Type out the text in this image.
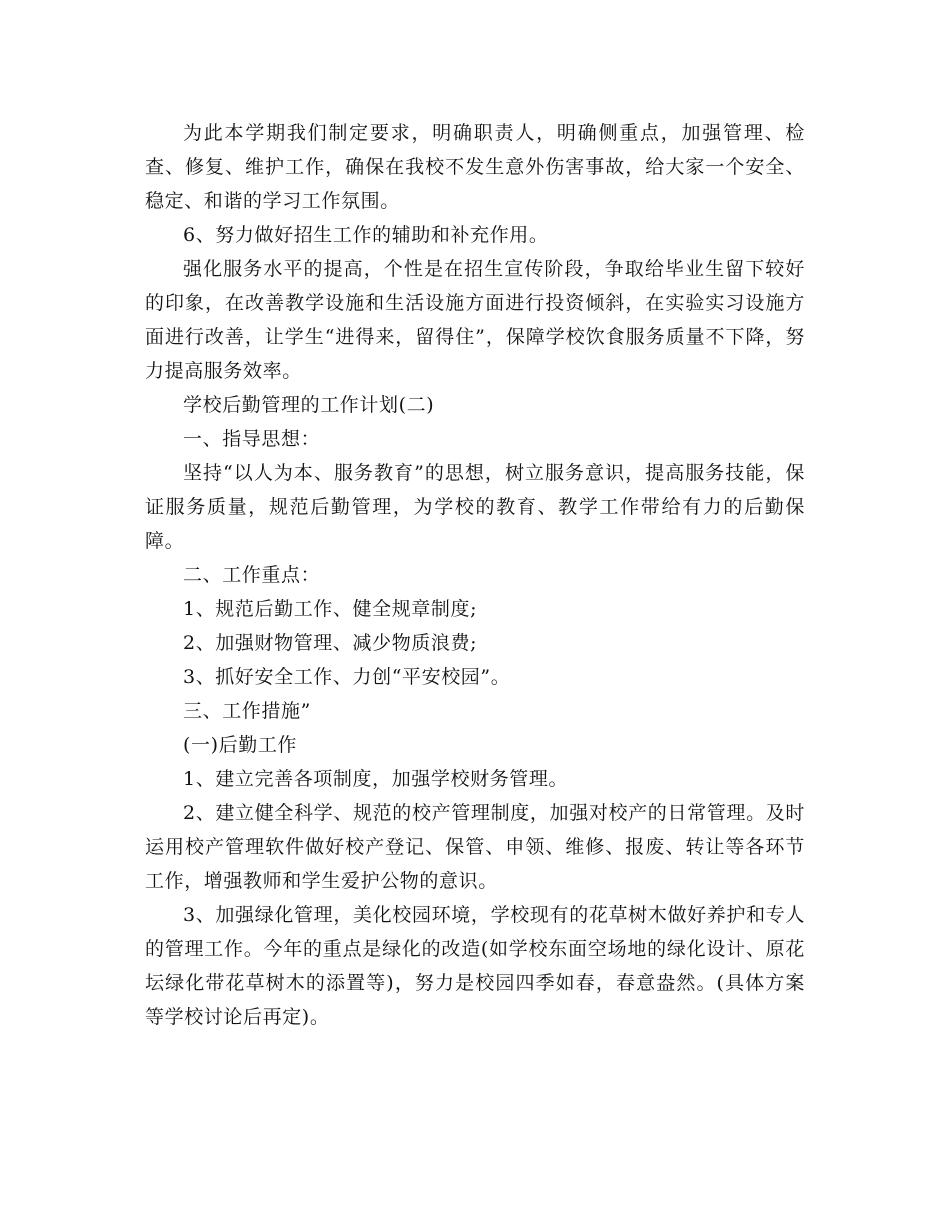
为此本学期我们制定要求，明确职责人，明确侧重点，加强管理、检查、修复、维护工作，确保在我校不发生意外伤害事故，给大家一个安全、稳定、和谐的学习工作氛围。

6、努力做好招生工作的辅助和补充作用。

强化服务水平的提高，个性是在招生宣传阶段，争取给毕业生留下较好的印象，在改善教学设施和生活设施方面进行投资倾斜，在实验实习设施方面进行改善，让学生“进得来，留得住”，保障学校饮食服务质量不下降，努力提高服务效率。

学校后勤管理的工作计划(二)

一、指导思想：

坚持“以人为本、服务教育”的思想，树立服务意识，提高服务技能，保证服务质量，规范后勤管理，为学校的教育、教学工作带给有力的后勤保障。

二、工作重点：

1、规范后勤工作、健全规章制度;

2、加强财物管理、减少物质浪费;

3、抓好安全工作、力创“平安校园”。

三、工作措施”

(一)后勤工作

1、建立完善各项制度，加强学校财务管理。

2、建立健全科学、规范的校产管理制度，加强对校产的日常管理。及时运用校产管理软件做好校产登记、保管、申领、维修、报废、转让等各环节工作，增强教师和学生爱护公物的意识。

3、加强绿化管理，美化校园环境，学校现有的花草树木做好养护和专人的管理工作。今年的重点是绿化的改造(如学校东面空场地的绿化设计、原花坛绿化带花草树木的添置等)，努力是校园四季如春，春意盎然。(具体方案等学校讨论后再定)。
